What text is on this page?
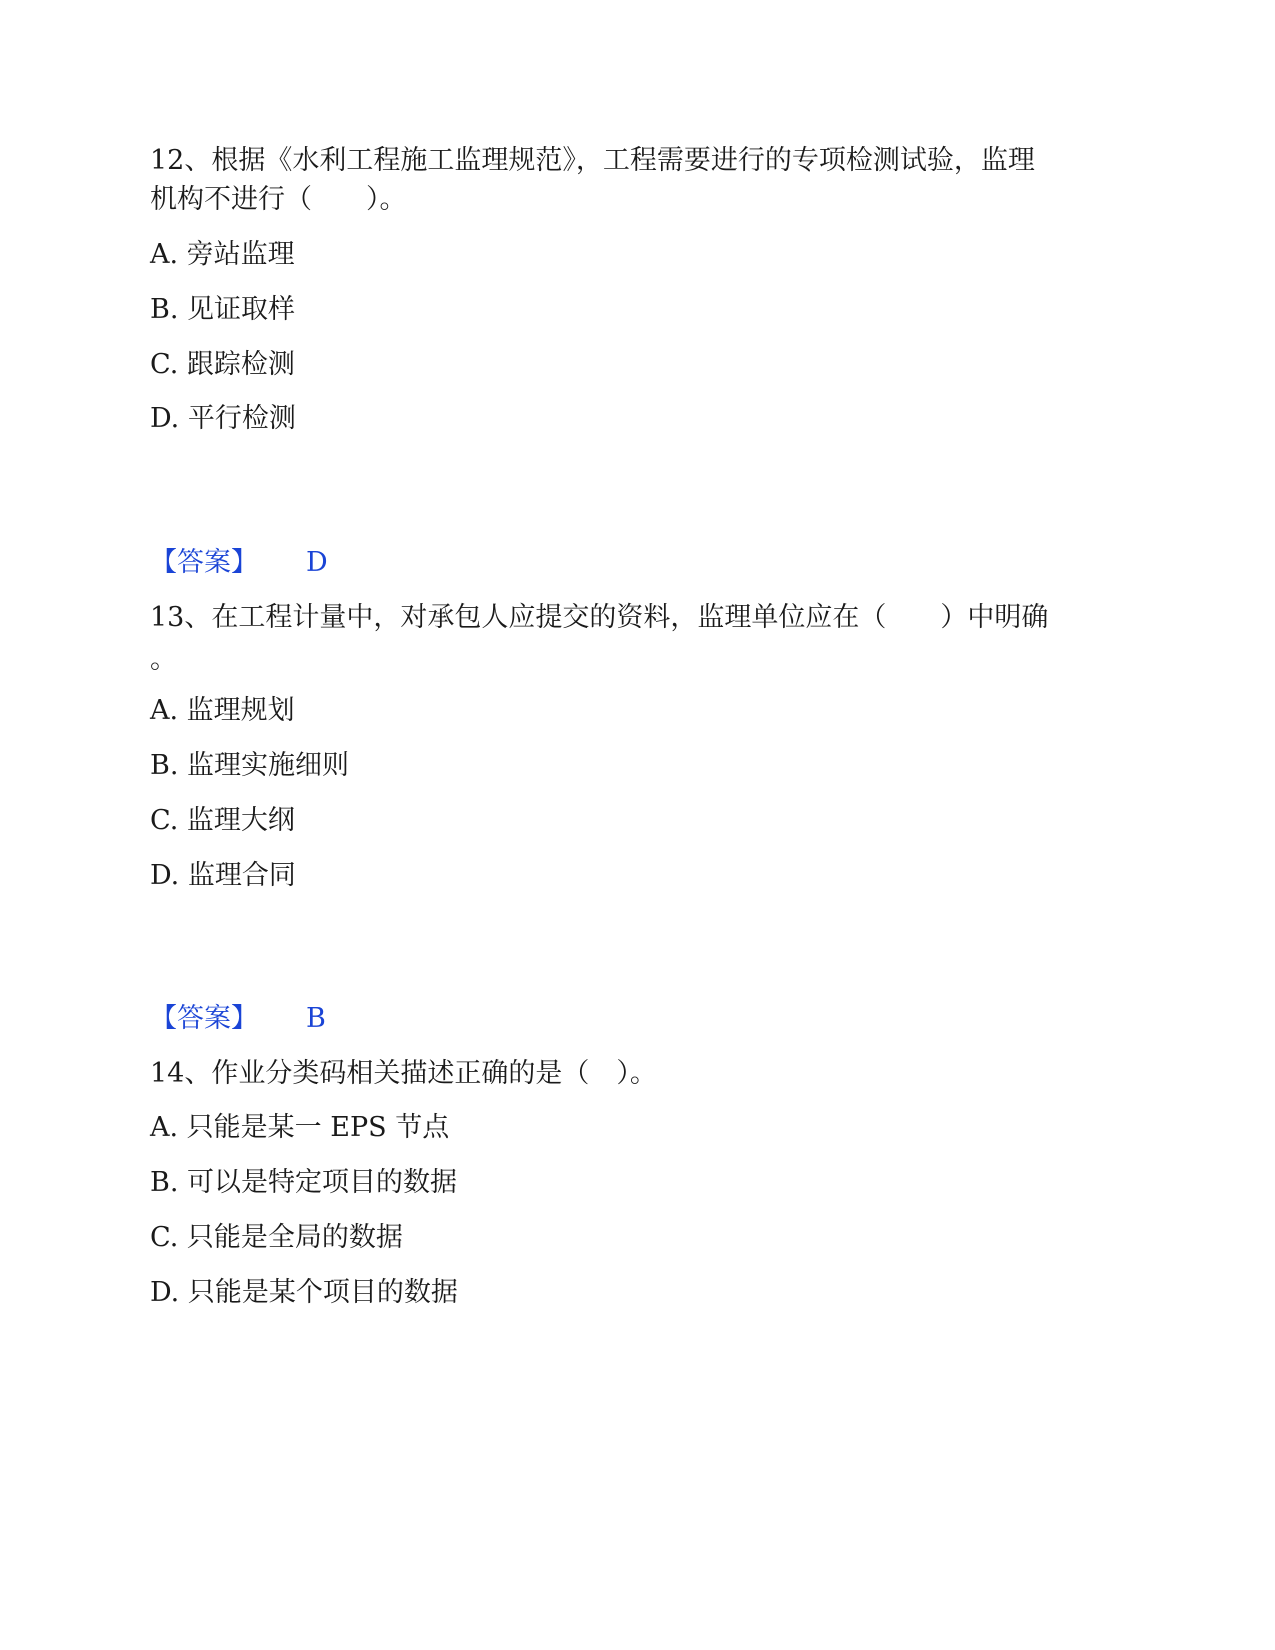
12、根据《水利工程施工监理规范》，工程需要进行的专项检测试验，监理
机构不进行（　　）。
A. 旁站监理
B. 见证取样
C. 跟踪检测
D. 平行检测
【答案】 D
13、在工程计量中，对承包人应提交的资料，监理单位应在（　　）中明确
。
A. 监理规划
B. 监理实施细则
C. 监理大纲
D. 监理合同
【答案】 B
14、作业分类码相关描述正确的是（　）。
A. 只能是某一 EPS 节点
B. 可以是特定项目的数据
C. 只能是全局的数据
D. 只能是某个项目的数据
